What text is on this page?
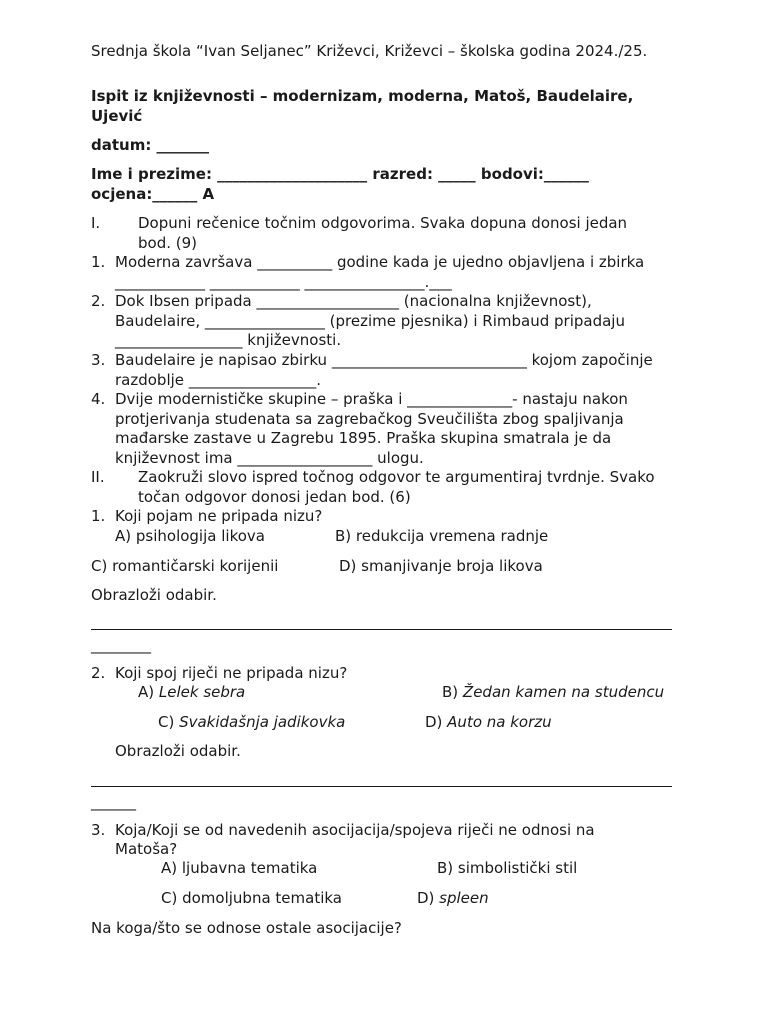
Srednja škola “Ivan Seljanec” Križevci, Križevci – školska godina 2024./25.
Ispit iz književnosti – modernizam, moderna, Matoš, Baudelaire,
Ujević
datum: _______
Ime i prezime: ____________________ razred: _____ bodovi:______
ocjena:______ A
I.	Dopuni rečenice točnim odgovorima. Svaka dopuna donosi jedan
bod. (9)
1. Moderna završava __________ godine kada je ujedno objavljena i zbirka
____________ ____________ ________________.___
2. Dok Ibsen pripada ___________________ (nacionalna književnost),
Baudelaire, ________________ (prezime pjesnika) i Rimbaud pripadaju
_________________ književnosti.
3. Baudelaire je napisao zbirku __________________________ kojom započinje
razdoblje _________________.
4. Dvije modernističke skupine – praška i ______________- nastaju nakon
protjerivanja studenata sa zagrebačkog Sveučilišta zbog spaljivanja
mađarske zastave u Zagrebu 1895. Praška skupina smatrala je da
književnost ima __________________ ulogu.
II. Zaokruži slovo ispred točnog odgovor te argumentiraj tvrdnje. Svako
točan odgovor donosi jedan bod. (6)
1. Koji pojam ne pripada nizu?
A) psihologija likova	B) redukcija vremena radnje
C) romantičarski korijenii	D) smanjivanje broja likova
Obrazloži odabir.
________
2. Koji spoj riječi ne pripada nizu?
A) Lelek sebra	B) Žedan kamen na studencu
C) Svakidašnja jadikovka	D) Auto na korzu
Obrazloži odabir.
______
3. Koja/Koji se od navedenih asocijacija/spojeva riječi ne odnosi na
Matoša?
A) ljubavna tematika	B) simbolistički stil
C) domoljubna tematika	D) spleen
Na koga/što se odnose ostale asocijacije?
